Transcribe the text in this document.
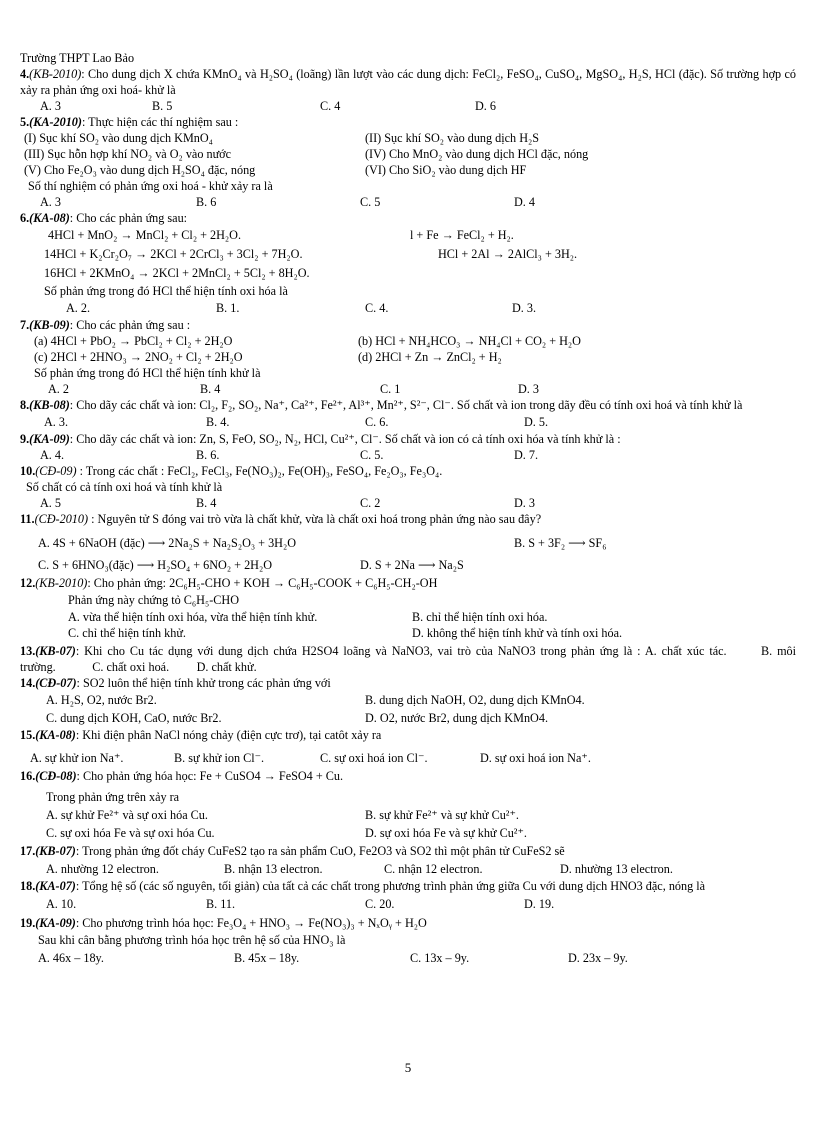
Trường THPT Lao Bảo
4.(KB-2010): Cho dung dịch X chứa KMnO₄ và H₂SO₄ (loãng) lần lượt vào các dung dịch: FeCl₂, FeSO₄, CuSO₄, MgSO₄, H₂S, HCl (đặc). Số trường hợp có xảy ra phản ứng oxi hoá- khử là
A. 3	B. 5	C. 4	D. 6
5.(KA-2010): Thực hiện các thí nghiệm sau :
(I) Sục khí SO₂ vào dung dịch KMnO₄	(II) Sục khí SO₂ vào dung dịch H₂S
(III) Sục hỗn hợp khí NO₂ và O₂ vào nước	(IV) Cho MnO₂ vào dung dịch HCl đặc, nóng
(V) Cho Fe₂O₃ vào dung dịch H₂SO₄ đặc, nóng	(VI) Cho SiO₂ vào dung dịch HF
Số thí nghiệm có phản ứng oxi hoá - khử xảy ra là
A. 3	B. 6	C. 5	D. 4
6.(KA-08): Cho các phản ứng sau:
4HCl + MnO₂ → MnCl₂ + Cl₂ + 2H₂O.	l + Fe → FeCl₂ + H₂.
14HCl + K₂Cr₂O₇ → 2KCl + 2CrCl₃ + 3Cl₂ + 7H₂O.	HCl + 2Al → 2AlCl₃ + 3H₂.
16HCl + 2KMnO₄ → 2KCl + 2MnCl₂ + 5Cl₂ + 8H₂O.
Số phản ứng trong đó HCl thể hiện tính oxi hóa là
A. 2.	B. 1.	C. 4.	D. 3.
7.(KB-09): Cho các phản ứng sau :
(a) 4HCl + PbO₂ → PbCl₂ + Cl₂ + 2H₂O	(b) HCl + NH₄HCO₃ → NH₄Cl + CO₂ + H₂O
(c) 2HCl + 2HNO₃ → 2NO₂ + Cl₂ + 2H₂O	(d) 2HCl + Zn → ZnCl₂ + H₂
Số phản ứng trong đó HCl thể hiện tính khử là
A. 2	B. 4	C. 1	D. 3
8.(KB-08): Cho dãy các chất và ion: Cl₂, F₂, SO₂, Na⁺, Ca²⁺, Fe²⁺, Al³⁺, Mn²⁺, S²⁻, Cl⁻. Số chất và ion trong dãy đều có tính oxi hoá và tính khử là
A. 3.	B. 4.	C. 6.	D. 5.
9.(KA-09): Cho dãy các chất và ion: Zn, S, FeO, SO₂, N₂, HCl, Cu²⁺, Cl⁻. Số chất và ion có cả tính oxi hóa và tính khử là :
A. 4.	B. 6.	C. 5.	D. 7.
10.(CĐ-09) : Trong các chất : FeCl₂, FeCl₃, Fe(NO₃)₂, Fe(OH)₃, FeSO₄, Fe₂O₃, Fe₃O₄.
Số chất có cả tính oxi hoá và tính khử là
A. 5	B. 4	C. 2	D. 3
11.(CĐ-2010) : Nguyên tử S đóng vai trò vừa là chất khử, vừa là chất oxi hoá trong phản ứng nào sau đây?
A. 4S + 6NaOH (đặc) ⟶ 2Na₂S + Na₂S₂O₃ + 3H₂O	B. S + 3F₂ ⟶ SF₆
C. S + 6HNO₃(đặc) ⟶ H₂SO₄ + 6NO₂ + 2H₂O	D. S + 2Na ⟶ Na₂S
12.(KB-2010): Cho phản ứng: 2C₆H₅-CHO + KOH → C₆H₅-COOK + C₆H₅-CH₂-OH
Phản ứng này chứng tỏ C₆H₅-CHO
A. vừa thể hiện tính oxi hóa, vừa thể hiện tính khử.	B. chỉ thể hiện tính oxi hóa.
C. chỉ thể hiện tính khử.	D. không thể hiện tính khử và tính oxi hóa.
13.(KB-07): Khi cho Cu tác dụng với dung dịch chứa H2SO4 loãng và NaNO3, vai trò của NaNO3 trong phản ứng là : A. chất xúc tác.	B. môi trường.	C. chất oxi hoá. D. chất khử.
14.(CĐ-07): SO2 luôn thể hiện tính khử trong các phản ứng với
A. H₂S, O2, nước Br2.	B. dung dịch NaOH, O2, dung dịch KMnO4.
C. dung dịch KOH, CaO, nước Br2.	D. O2, nước Br2, dung dịch KMnO4.
15.(KA-08): Khi điện phân NaCl nóng chảy (điện cực trơ), tại catôt xảy ra
A. sự khử ion Na⁺.	B. sự khử ion Cl⁻.	C. sự oxi hoá ion Cl⁻.	D. sự oxi hoá ion Na⁺.
16.(CĐ-08): Cho phản ứng hóa học: Fe + CuSO4 → FeSO4 + Cu.
Trong phản ứng trên xảy ra
A. sự khử Fe²⁺ và sự oxi hóa Cu.	B. sự khử Fe²⁺ và sự khử Cu²⁺.
C. sự oxi hóa Fe và sự oxi hóa Cu.	D. sự oxi hóa Fe và sự khử Cu²⁺.
17.(KB-07): Trong phản ứng đốt cháy CuFeS2 tạo ra sản phẩm CuO, Fe2O3 và SO2 thì một phân tử CuFeS2 sẽ
A. nhường 12 electron.	B. nhận 13 electron.	C. nhận 12 electron.	D. nhường 13 electron.
18.(KA-07): Tổng hệ số (các số nguyên, tối giản) của tất cả các chất trong phương trình phản ứng giữa Cu với dung dịch HNO3 đặc, nóng là
A. 10.	B. 11.	C. 20.	D. 19.
19.(KA-09): Cho phương trình hóa học: Fe₃O₄ + HNO₃ → Fe(NO₃)₃ + NₓOᵧ + H₂O
Sau khi cân bằng phương trình hóa học trên hệ số của HNO₃ là
A. 46x – 18y.	B. 45x – 18y.	C. 13x – 9y.	D. 23x – 9y.
5
